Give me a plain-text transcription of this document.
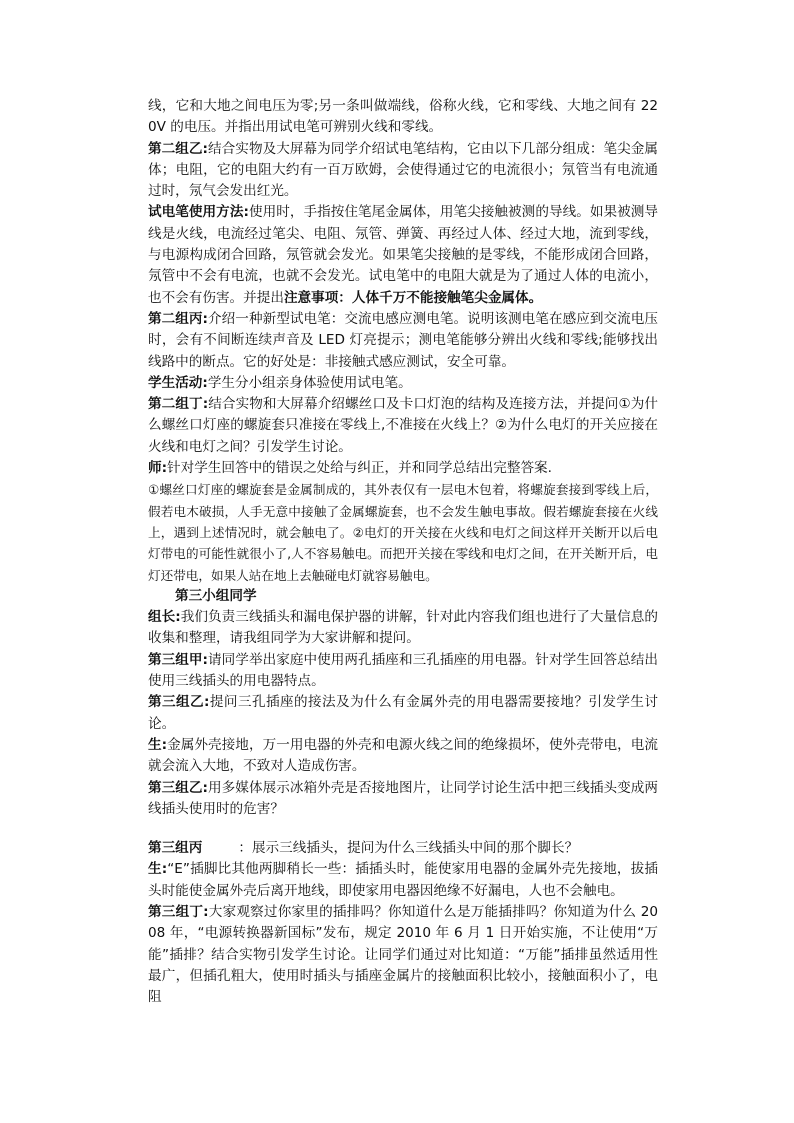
线，它和大地之间电压为零;另一条叫做端线，俗称火线，它和零线、大地之间有 220V 的电压。并指出用试电笔可辨别火线和零线。

第二组乙:结合实物及大屏幕为同学介绍试电笔结构，它由以下几部分组成：笔尖金属体；电阻，它的电阻大约有一百万欧姆，会使得通过它的电流很小；氖管当有电流通过时，氖气会发出红光。

试电笔使用方法:使用时，手指按住笔尾金属体，用笔尖接触被测的导线。如果被测导线是火线，电流经过笔尖、电阻、氖管、弹簧、再经过人体、经过大地，流到零线，与电源构成闭合回路，氖管就会发光。如果笔尖接触的是零线，不能形成闭合回路，氖管中不会有电流，也就不会发光。试电笔中的电阻大就是为了通过人体的电流小，也不会有伤害。并提出注意事项：人体千万不能接触笔尖金属体。

第二组丙:介绍一种新型试电笔：交流电感应测电笔。说明该测电笔在感应到交流电压时，会有不间断连续声音及 LED 灯亮提示；测电笔能够分辨出火线和零线;能够找出线路中的断点。它的好处是：非接触式感应测试，安全可靠。

学生活动:学生分小组亲身体验使用试电笔。

第二组丁:结合实物和大屏幕介绍螺丝口及卡口灯泡的结构及连接方法，并提问①为什么螺丝口灯座的螺旋套只准接在零线上,不准接在火线上？②为什么电灯的开关应接在火线和电灯之间？引发学生讨论。

师:针对学生回答中的错误之处给与纠正，并和同学总结出完整答案.

①螺丝口灯座的螺旋套是金属制成的，其外表仅有一层电木包着，将螺旋套接到零线上后，假若电木破损，人手无意中接触了金属螺旋套，也不会发生触电事故。假若螺旋套接在火线上，遇到上述情况时，就会触电了。②电灯的开关接在火线和电灯之间这样开关断开以后电灯带电的可能性就很小了,人不容易触电。而把开关接在零线和电灯之间，在开关断开后，电灯还带电，如果人站在地上去触碰电灯就容易触电。

第三小组同学

组长:我们负责三线插头和漏电保护器的讲解，针对此内容我们组也进行了大量信息的收集和整理，请我组同学为大家讲解和提问。

第三组甲:请同学举出家庭中使用两孔插座和三孔插座的用电器。针对学生回答总结出使用三线插头的用电器特点。

第三组乙:提问三孔插座的接法及为什么有金属外壳的用电器需要接地？引发学生讨论。

生:金属外壳接地，万一用电器的外壳和电源火线之间的绝缘损坏，使外壳带电，电流就会流入大地，不致对人造成伤害。

第三组乙:用多媒体展示冰箱外壳是否接地图片，让同学讨论生活中把三线插头变成两线插头使用时的危害？

第三组丙	：展示三线插头，提问为什么三线插头中间的那个脚长？

生:“E”插脚比其他两脚稍长一些：插插头时，能使家用电器的金属外壳先接地，拔插头时能使金属外壳后离开地线，即使家用电器因绝缘不好漏电，人也不会触电。

第三组丁:大家观察过你家里的插排吗？你知道什么是万能插排吗？你知道为什么 2008 年，“电源转换器新国标”发布，规定 2010 年 6 月 1 日开始实施，不让使用“万能”插排？结合实物引发学生讨论。让同学们通过对比知道：“万能”插排虽然适用性最广，但插孔粗大，使用时插头与插座金属片的接触面积比较小，接触面积小了，电阻
